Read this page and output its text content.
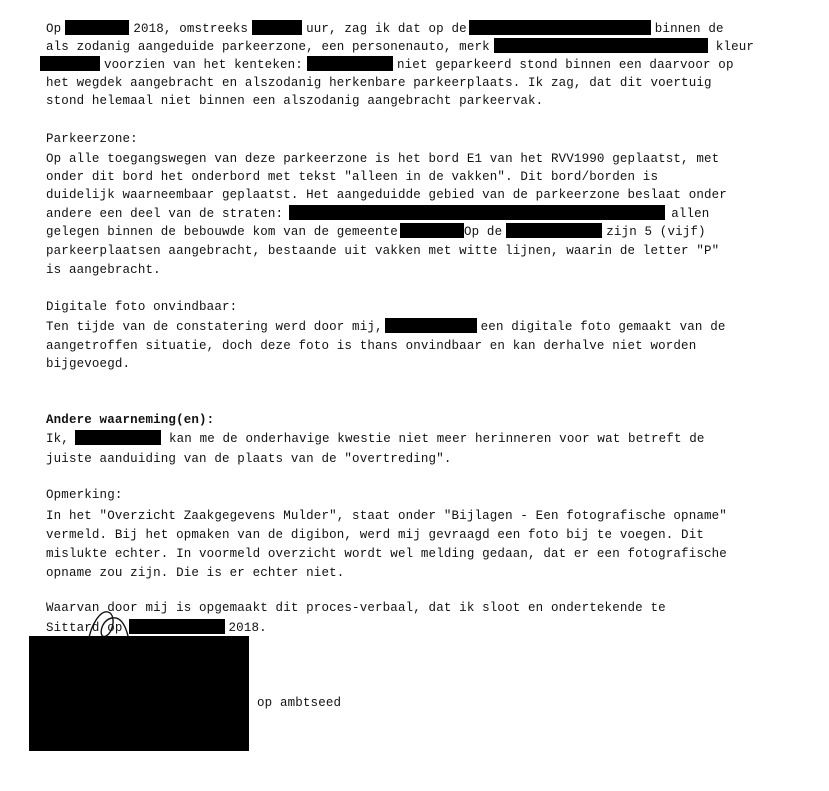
Op	2018, omstreeks	uur, zag ik dat op de	binnen de
als zodanig aangeduide parkeerzone, een personenauto, merk	kleur
voorzien van het kenteken:	niet geparkeerd stond binnen een daarvoor op
het wegdek aangebracht en alszodanig herkenbare parkeerplaats. Ik zag, dat dit voertuig
stond helemaal niet binnen een alszodanig aangebracht parkeervak.
Parkeerzone:
Op alle toegangswegen van deze parkeerzone is het bord E1 van het RVV1990 geplaatst, met
onder dit bord het onderbord met tekst "alleen in de vakken". Dit bord/borden is
duidelijk waarneembaar geplaatst. Het aangeduidde gebied van de parkeerzone beslaat onder
andere een deel van de straten:	allen
gelegen binnen de bebouwde kom van de gemeente	Op de	zijn 5 (vijf)
parkeerplaatsen aangebracht, bestaande uit vakken met witte lijnen, waarin de letter "P"
is aangebracht.
Digitale foto onvindbaar:
Ten tijde van de constatering werd door mij,	een digitale foto gemaakt van de
aangetroffen situatie, doch deze foto is thans onvindbaar en kan derhalve niet worden
bijgevoegd.
Andere waarneming(en):
Ik,	kan me de onderhavige kwestie niet meer herinneren voor wat betreft de
juiste aanduiding van de plaats van de "overtreding".
Opmerking:
In het "Overzicht Zaakgegevens Mulder", staat onder "Bijlagen - Een fotografische opname"
vermeld. Bij het opmaken van de digibon, werd mij gevraagd een foto bij te voegen. Dit
mislukte echter. In voormeld overzicht wordt wel melding gedaan, dat er een fotografische
opname zou zijn. Die is er echter niet.
Waarvan door mij is opgemaakt dit proces-verbaal, dat ik sloot en ondertekende te
Sittard op	2018.
op ambtseed
